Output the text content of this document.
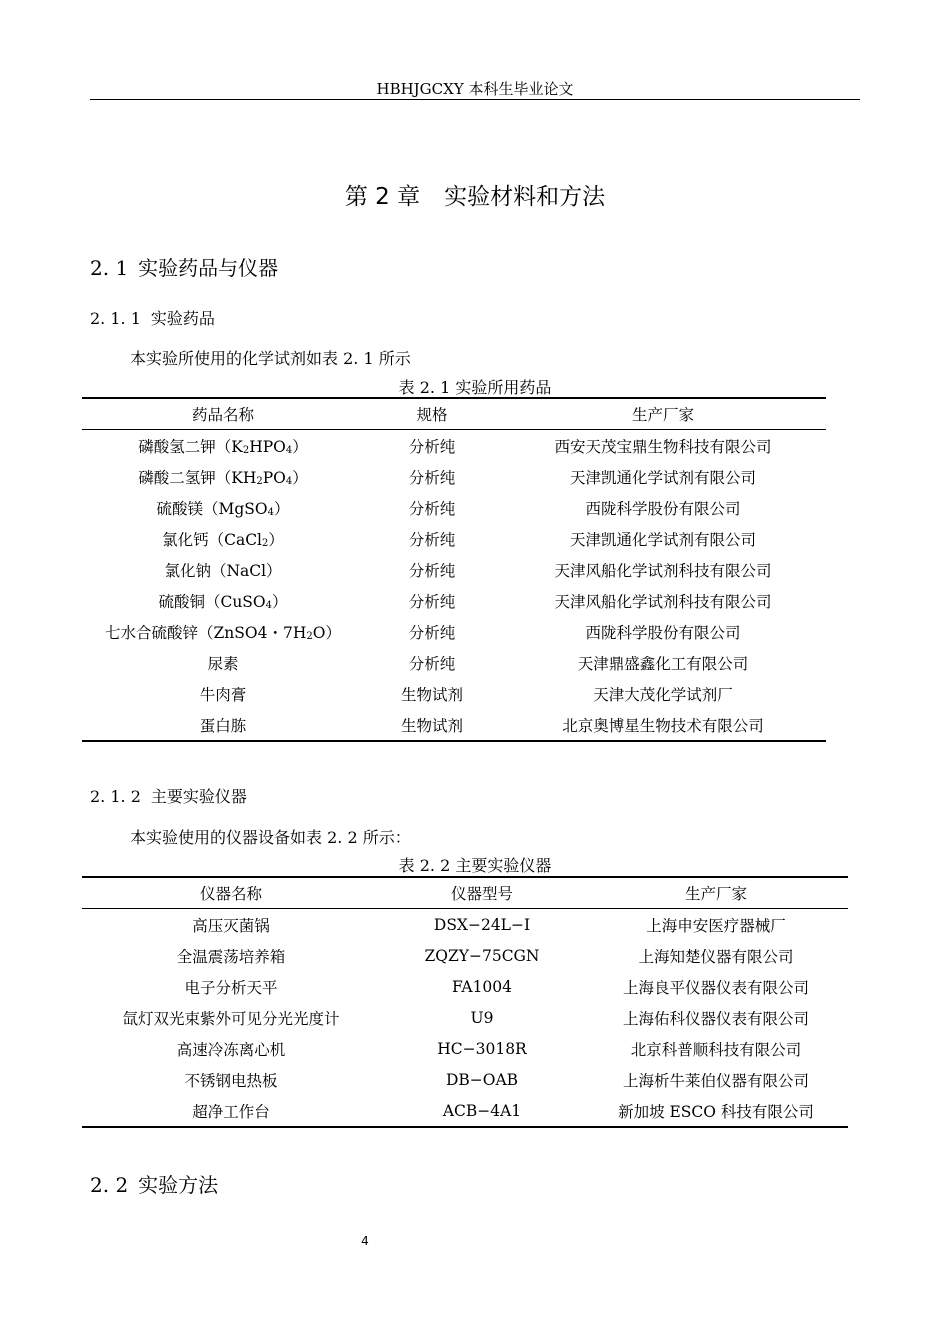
HBHJGCXY 本科生毕业论文
第 2 章 实验材料和方法
2. 1 实验药品与仪器
2. 1. 1 实验药品
本实验所使用的化学试剂如表 2. 1 所示
表 2. 1 实验所用药品
药品名称	规格	生产厂家
磷酸氢二钾$(K_2HPO_4)$	分析纯	西安天茂宝鼎生物科技有限公司
磷酸二氢钾$(KH_2PO_4)$	分析纯	天津凯通化学试剂有限公司
硫酸镁（MgSO$_4$）	分析纯	西陇科学股份有限公司
氯化钙（CaCl$_2$）	分析纯	天津凯通化学试剂有限公司
氯化钠（NaCl）	分析纯	天津风船化学试剂科技有限公司
硫酸铜（CuSO$_4$）	分析纯	天津风船化学试剂科技有限公司
七水合硫酸锌（ZnSO4・$7H_2O$）	分析纯	西陇科学股份有限公司
尿素	分析纯	天津鼎盛鑫化工有限公司
牛肉膏	生物试剂	天津大茂化学试剂厂
蛋白胨	生物试剂	北京奥博星生物技术有限公司
2. 1. 2 主要实验仪器
本实验使用的仪器设备如表 2. 2 所示：
表 2. 2 主要实验仪器
仪器名称	仪器型号	生产厂家
高压灭菌锅	DSX−24L−I	上海申安医疗器械厂
全温震荡培养箱	ZQZY−75CGN	上海知楚仪器有限公司
电子分析天平	FA1004	上海良平仪器仪表有限公司
氙灯双光束紫外可见分光光度计	U9	上海佑科仪器仪表有限公司
高速冷冻离心机	HC−3018R	北京科普顺科技有限公司
不锈钢电热板	DB−OAB	上海析牛莱伯仪器有限公司
超净工作台	ACB−4A1	新加坡 ESCO 科技有限公司
2. 2 实验方法
4
